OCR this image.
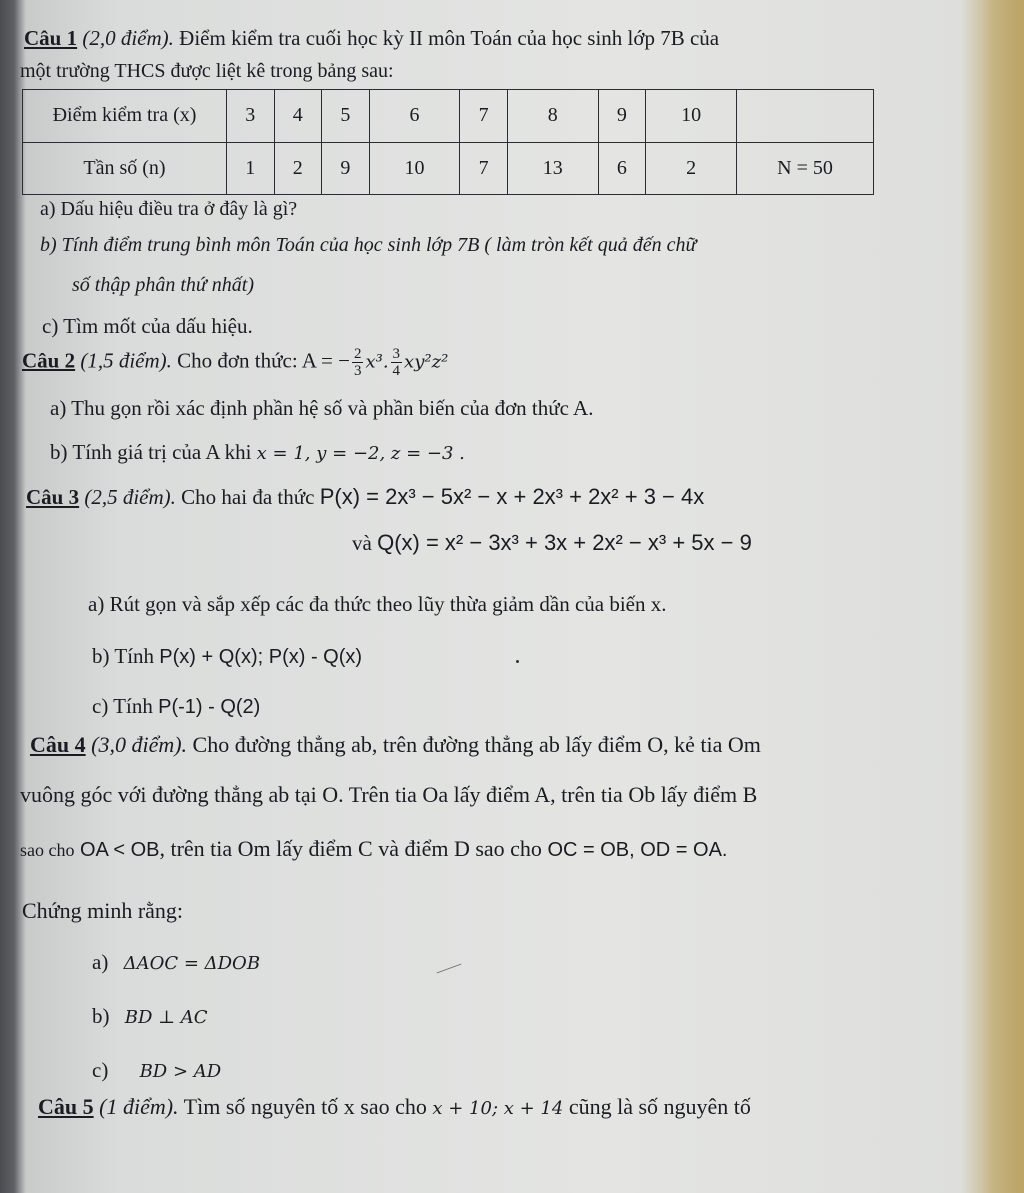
Câu 1 (2,0 điểm). Điểm kiểm tra cuối học kỳ II môn Toán của học sinh lớp 7B của
một trường THCS được liệt kê trong bảng sau:
Điểm kiểm tra (x)	3	4	5	6	7	8	9	10	
Tần số (n)	1	2	9	10	7	13	6	2	N = 50
a) Dấu hiệu điều tra ở đây là gì?
b) Tính điểm trung bình môn Toán của học sinh lớp 7B ( làm tròn kết quả đến chữ
số thập phân thứ nhất)
c) Tìm mốt của dấu hiệu.
Câu 2 (1,5 điểm). Cho đơn thức: A = − $\frac{2}{3} x^3$. $\frac{3}{4} xy^2z^2$
a) Thu gọn rồi xác định phần hệ số và phần biến của đơn thức A.
b) Tính giá trị của A khi x = 1, y = −2, z = −3 .
Câu 3 (2,5 điểm). Cho hai đa thức P(x) = 2x³ − 5x² − x + 2x³ + 2x² + 3 − 4x
và Q(x) = x² − 3x³ + 3x + 2x² − x³ + 5x − 9
a) Rút gọn và sắp xếp các đa thức theo lũy thừa giảm dần của biến x.
b) Tính P(x) + Q(x); P(x) - Q(x)
c) Tính P(-1) - Q(2)
Câu 4 (3,0 điểm). Cho đường thẳng ab, trên đường thẳng ab lấy điểm O, kẻ tia Om
vuông góc với đường thẳng ab tại O. Trên tia Oa lấy điểm A, trên tia Ob lấy điểm B
sao cho OA < OB, trên tia Om lấy điểm C và điểm D sao cho OC = OB, OD = OA.
Chứng minh rằng:
a) ΔAOC = ΔDOB
b) BD ⊥ AC
c) BD > AD
Câu 5 (1 điểm). Tìm số nguyên tố x sao cho x + 10; x + 14 cũng là số nguyên tố
